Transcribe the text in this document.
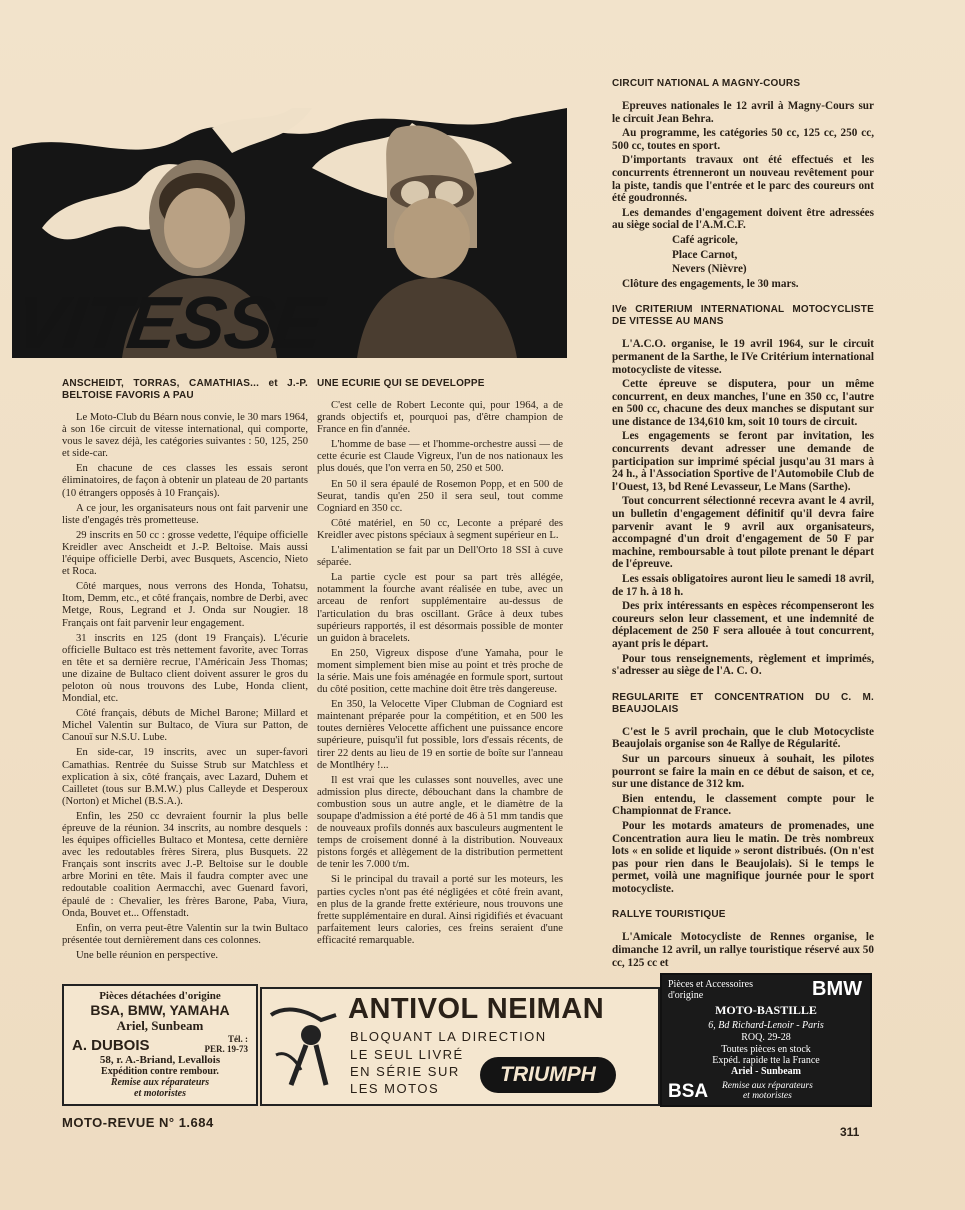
VITESSE

ANSCHEIDT, TORRAS, CAMATHIAS... et J.-P. BELTOISE FAVORIS A PAU

Le Moto-Club du Béarn nous convie, le 30 mars 1964, à son 16e circuit de vitesse international, qui comporte, vous le savez déjà, les catégories suivantes : 50, 125, 250 et side-car.

En chacune de ces classes les essais seront éliminatoires, de façon à obtenir un plateau de 20 partants (10 étrangers opposés à 10 Français).

A ce jour, les organisateurs nous ont fait parvenir une liste d'engagés très prometteuse.

29 inscrits en 50 cc : grosse vedette, l'équipe officielle Kreidler avec Anscheidt et J.-P. Beltoise. Mais aussi l'équipe officielle Derbi, avec Busquets, Ascencio, Nieto et Roca.

Côté marques, nous verrons des Honda, Tohatsu, Itom, Demm, etc., et côté français, nombre de Derbi, avec Metge, Rous, Legrand et J. Onda sur Nougier. 18 Français ont fait parvenir leur engagement.

31 inscrits en 125 (dont 19 Français). L'écurie officielle Bultaco est très nettement favorite, avec Torras en tête et sa dernière recrue, l'Américain Jess Thomas; une dizaine de Bultaco client doivent assurer le gros du peloton où nous trouvons des Lube, Honda client, Mondial, etc.

Côté français, débuts de Michel Barone; Millard et Michel Valentin sur Bultaco, de Viura sur Patton, de Canouï sur N.S.U. Lube.

En side-car, 19 inscrits, avec un super-favori Camathias. Rentrée du Suisse Strub sur Matchless et explication à six, côté français, avec Lazard, Duhem et Cailletet (tous sur B.M.W.) plus Calleyde et Desperoux (Norton) et Michel (B.S.A.).

Enfin, les 250 cc devraient fournir la plus belle épreuve de la réunion. 34 inscrits, au nombre desquels : les équipes officielles Bultaco et Montesa, cette dernière avec les redoutables frères Sirera, plus Busquets. 22 Français sont inscrits avec J.-P. Beltoise sur le double arbre Morini en tête. Mais il faudra compter avec une redoutable coalition Aermacchi, avec Guenard favori, épaulé de : Chevalier, les frères Barone, Paba, Viura, Onda, Bouvet et... Offenstadt.

Enfin, on verra peut-être Valentin sur la twin Bultaco présentée tout dernièrement dans ces colonnes.

Une belle réunion en perspective.

UNE ECURIE QUI SE DEVELOPPE

C'est celle de Robert Leconte qui, pour 1964, a de grands objectifs et, pourquoi pas, d'être champion de France en fin d'année.

L'homme de base — et l'homme-orchestre aussi — de cette écurie est Claude Vigreux, l'un de nos nationaux les plus doués, que l'on verra en 50, 250 et 500.

En 50 il sera épaulé de Rosemon Popp, et en 500 de Seurat, tandis qu'en 250 il sera seul, tout comme Cogniard en 350 cc.

Côté matériel, en 50 cc, Leconte a préparé des Kreidler avec pistons spéciaux à segment supérieur en L.

L'alimentation se fait par un Dell'Orto 18 SSI à cuve séparée.

La partie cycle est pour sa part très allégée, notamment la fourche avant réalisée en tube, avec un arceau de renfort supplémentaire au-dessus de l'articulation du bras oscillant. Grâce à deux tubes supérieurs rapportés, il est désormais possible de monter un guidon à bracelets.

En 250, Vigreux dispose d'une Yamaha, pour le moment simplement bien mise au point et très proche de la série. Mais une fois aménagée en formule sport, surtout du côté position, cette machine doit être très dangereuse.

En 350, la Velocette Viper Clubman de Cogniard est maintenant préparée pour la compétition, et en 500 les toutes dernières Velocette affichent une puissance encore supérieure, puisqu'il fut possible, lors d'essais récents, de tirer 22 dents au lieu de 19 en sortie de boîte sur l'anneau de Montlhéry !...

Il est vrai que les culasses sont nouvelles, avec une admission plus directe, débouchant dans la chambre de combustion sous un autre angle, et le diamètre de la soupape d'admission a été porté de 46 à 51 mm tandis que de nouveaux profils donnés aux basculeurs augmentent le temps de croisement donné à la distribution. Nouveaux pistons forgés et allègement de la distribution permettent de tenir les 7.000 t/m.

Si le principal du travail a porté sur les moteurs, les parties cycles n'ont pas été négligées et côté frein avant, en plus de la grande frette extérieure, nous trouvons une frette supplémentaire en dural. Ainsi rigidifiés et évacuant parfaitement leurs calories, ces freins seraient d'une efficacité remarquable.

CIRCUIT NATIONAL A MAGNY-COURS

Epreuves nationales le 12 avril à Magny-Cours sur le circuit Jean Behra.

Au programme, les catégories 50 cc, 125 cc, 250 cc, 500 cc, toutes en sport.

D'importants travaux ont été effectués et les concurrents étrenneront un nouveau revêtement pour la piste, tandis que l'entrée et le parc des coureurs ont été goudronnés.

Les demandes d'engagement doivent être adressées au siège social de l'A.M.C.F.

Café agricole,

Place Carnot,

Nevers (Nièvre)

Clôture des engagements, le 30 mars.

IVe CRITERIUM INTERNATIONAL MOTOCYCLISTE DE VITESSE AU MANS

L'A.C.O. organise, le 19 avril 1964, sur le circuit permanent de la Sarthe, le IVe Critérium international motocycliste de vitesse.

Cette épreuve se disputera, pour un même concurrent, en deux manches, l'une en 350 cc, l'autre en 500 cc, chacune des deux manches se disputant sur une distance de 134,610 km, soit 10 tours de circuit.

Les engagements se feront par invitation, les concurrents devant adresser une demande de participation sur imprimé spécial jusqu'au 31 mars à 24 h., à l'Association Sportive de l'Automobile Club de l'Ouest, 13, bd René Levasseur, Le Mans (Sarthe).

Tout concurrent sélectionné recevra avant le 4 avril, un bulletin d'engagement définitif qu'il devra faire parvenir avant le 9 avril aux organisateurs, accompagné d'un droit d'engagement de 50 F par machine, remboursable à tout pilote prenant le départ de l'épreuve.

Les essais obligatoires auront lieu le samedi 18 avril, de 17 h. à 18 h.

Des prix intéressants en espèces récompenseront les coureurs selon leur classement, et une indemnité de déplacement de 250 F sera allouée à tout concurrent, ayant pris le départ.

Pour tous renseignements, règlement et imprimés, s'adresser au siège de l'A. C. O.

REGULARITE ET CONCENTRATION DU C. M. BEAUJOLAIS

C'est le 5 avril prochain, que le club Motocycliste Beaujolais organise son 4e Rallye de Régularité.

Sur un parcours sinueux à souhait, les pilotes pourront se faire la main en ce début de saison, et ce, sur une distance de 312 km.

Bien entendu, le classement compte pour le Championnat de France.

Pour les motards amateurs de promenades, une Concentration aura lieu le matin. De très nombreux lots « en solide et liquide » seront distribués. (On n'est pas pour rien dans le Beaujolais). Si le temps le permet, voilà une magnifique journée pour le sport motocycliste.

RALLYE TOURISTIQUE

L'Amicale Motocycliste de Rennes organise, le dimanche 12 avril, un rallye touristique réservé aux 50 cc, 125 cc et

Pièces détachées d'origine
BSA, BMW, YAMAHA
Ariel, Sunbeam
A. DUBOIS	Tél. :
PER. 19-73
58, r. A.-Briand, Levallois
Expédition contre rembour.
Remise aux réparateurs
et motoristes
ANTIVOL NEIMAN
BLOQUANT LA DIRECTION
LE SEUL LIVRÉ
EN SÉRIE SUR
LES MOTOS
TRIUMPH
Pièces et Accessoires
d'origine	BMW
MOTO-BASTILLE
6, Bd Richard-Lenoir - Paris
ROQ. 29-28
Toutes pièces en stock
Expéd. rapide tte la France
Ariel - Sunbeam
BSA Remise aux réparateurs
et motoristes
MOTO-REVUE N° 1.684
311
